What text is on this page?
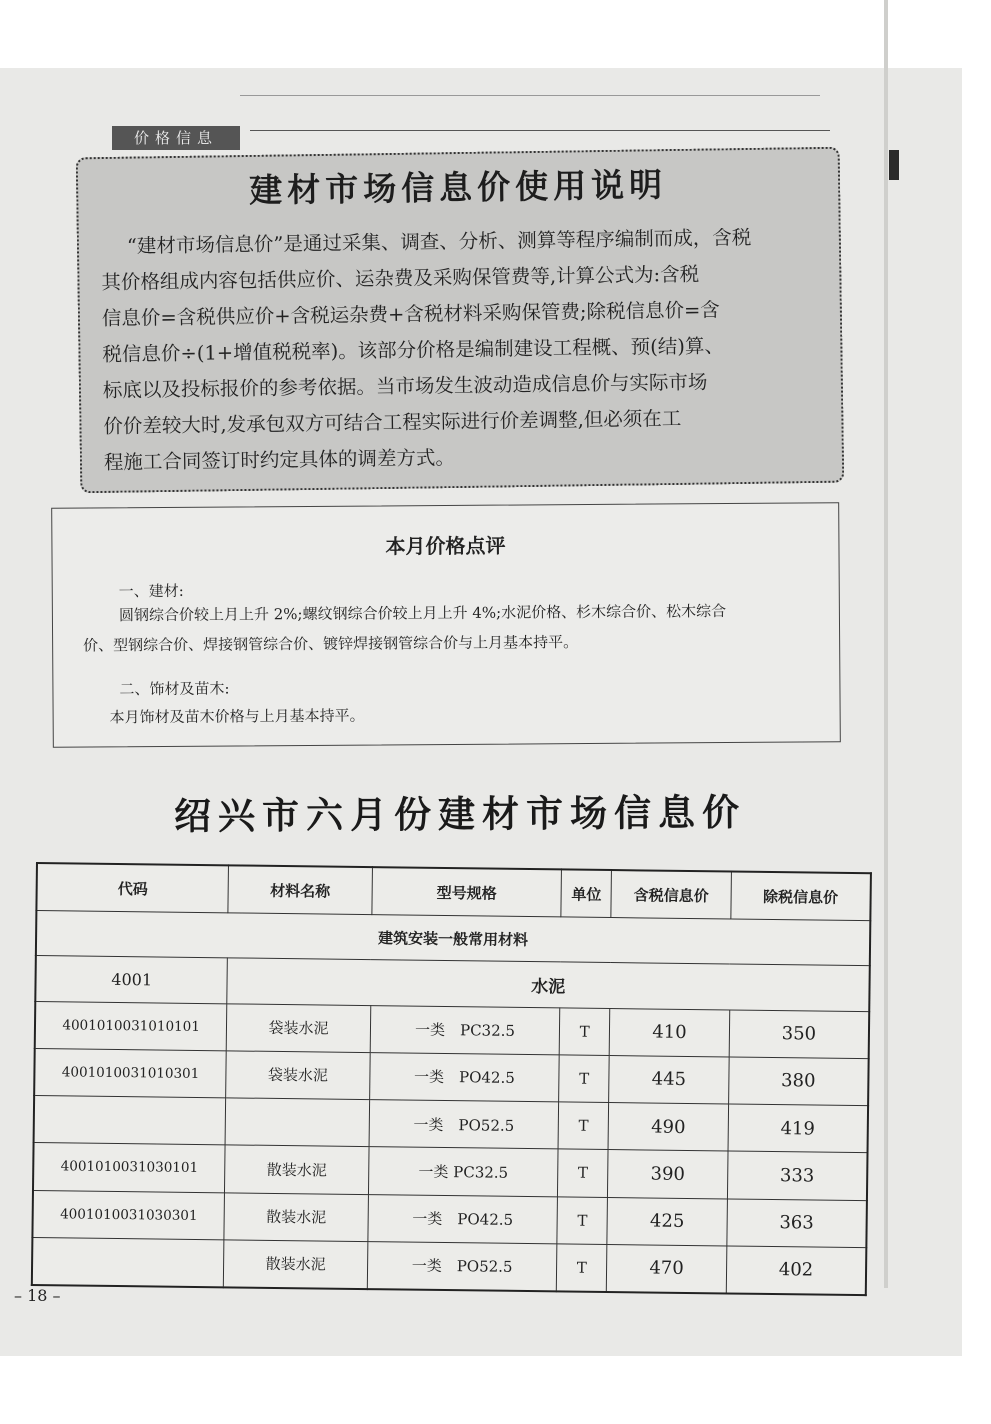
价格信息
建材市场信息价使用说明
“建材市场信息价”是通过采集、调查、分析、测算等程序编制而成，含税
其价格组成内容包括供应价、运杂费及采购保管费等,计算公式为:含税
信息价=含税供应价+含税运杂费+含税材料采购保管费;除税信息价=含
税信息价÷(1+增值税税率)。该部分价格是编制建设工程概、预(结)算、
标底以及投标报价的参考依据。当市场发生波动造成信息价与实际市场
价价差较大时,发承包双方可结合工程实际进行价差调整,但必须在工
程施工合同签订时约定具体的调差方式。
本月价格点评
一、建材:
圆钢综合价较上月上升 2%;螺纹钢综合价较上月上升 4%;水泥价格、杉木综合价、松木综合
价、型钢综合价、焊接钢管综合价、镀锌焊接钢管综合价与上月基本持平。
二、饰材及苗木:
本月饰材及苗木价格与上月基本持平。
绍兴市六月份建材市场信息价
代码	材料名称	型号规格	单位	含税信息价	除税信息价
建筑安装一般常用材料					
4001	水泥				
4001010031010101	袋装水泥	一类　PC32.5	T	410	350
4001010031010301	袋装水泥	一类　PO42.5	T	445	380
		一类　PO52.5	T	490	419
4001010031030101	散装水泥	一类 PC32.5	T	390	333
4001010031030301	散装水泥	一类　PO42.5	T	425	363
	散装水泥	一类　PO52.5	T	470	402
– 18 –
